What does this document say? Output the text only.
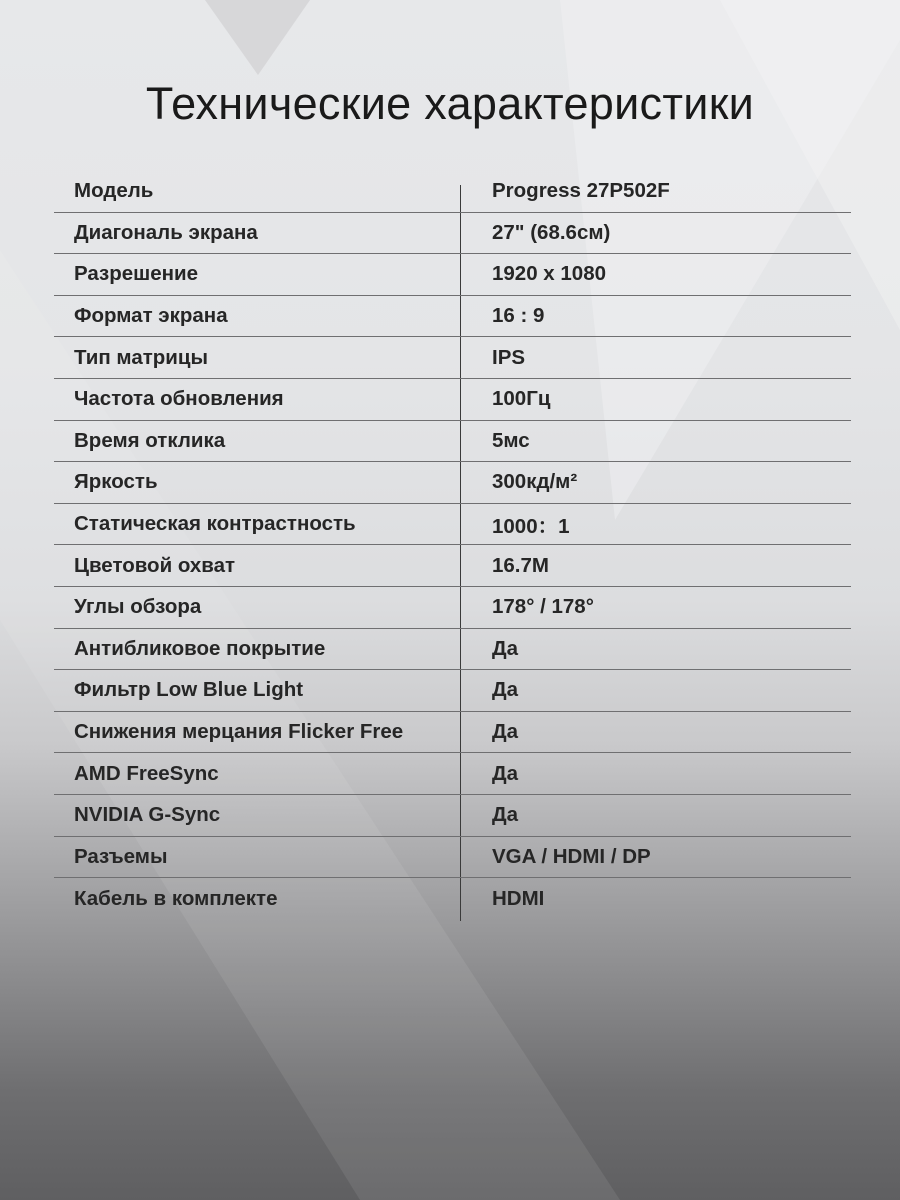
Технические характеристики
Модель	Progress 27P502F
Диагональ экрана	27" (68.6см)
Разрешение	1920 x 1080
Формат экрана	16 : 9
Тип матрицы	IPS
Частота обновления	100Гц
Время отклика	5мс
Яркость	300кд/м²
Статическая контрастность	1000：1
Цветовой охват	16.7M
Углы обзора	178° / 178°
Антибликовое покрытие	Да
Фильтр Low Blue Light	Да
Снижения мерцания Flicker Free	Да
AMD FreeSync	Да
NVIDIA G-Sync	Да
Разъемы	VGA / HDMI / DP
Кабель в комплекте	HDMI
